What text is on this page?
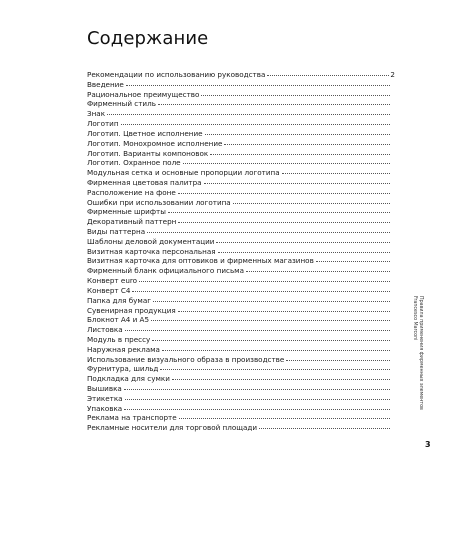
Содержание
Рекомендации по использованию руководства	2
Введение
Рациональное преимущество
Фирменный стиль
Знак
Логотип
Логотип. Цветное исполнение
Логотип. Монохромное исполнение
Логотип. Варианты компоновок
Логотип. Охранное поле
Модульная сетка и основные пропорции логотипа
Фирменная цветовая палитра
Расположение на фоне
Ошибки при использовании логотипа
Фирменные шрифты
Декоративный паттерн
Виды паттерна
Шаблоны деловой документации
Визитная карточка персональная
Визитная карточка для оптовиков и фирменных магазинов
Фирменный бланк официального письма
Конверт euro
Конверт С4
Папка для бумаг
Сувенирная продукция
Блокнот А4 и А5
Листовка
Модуль в прессу
Наружная реклама
Использование визуального образа в производстве
Фурнитура, шильд
Подкладка для сумки
Вышивка
Этикетка
Упаковка
Реклама на транспорте
Рекламные носители для торговой площади
Правила применения фирменных элементов
Francesco Marconi
3
